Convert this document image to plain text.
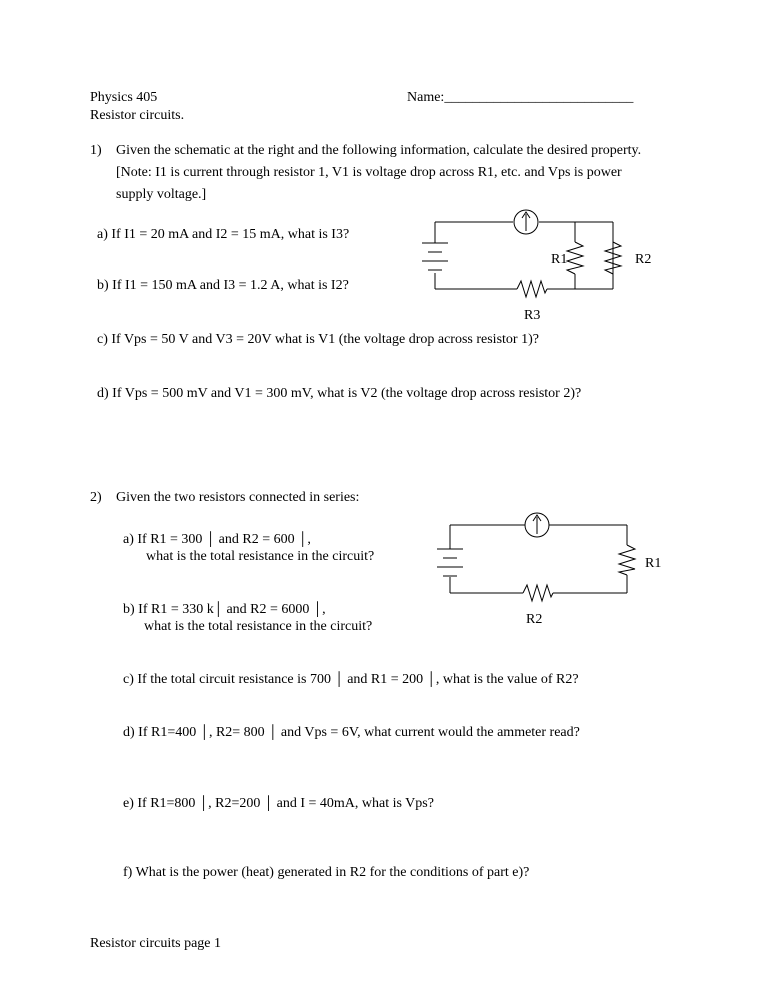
Physics 405
Resistor circuits.
Name:___________________________
1) Given the schematic at the right and the following information, calculate the desired property.
[Note: I1 is current through resistor 1, V1 is voltage drop across R1, etc. and Vps is power
supply voltage.]
a) If I1 = 20 mA and I2 = 15 mA, what is I3?
b) If I1 = 150 mA and I3 = 1.2 A, what is I2?
c) If Vps = 50 V and V3 = 20V what is V1 (the voltage drop across resistor 1)?
d) If Vps = 500 mV and V1 = 300 mV, what is V2 (the voltage drop across resistor 2)?
R1	R2
R3
2) Given the two resistors connected in series:
a) If R1 = 300 │ and R2 = 600 │,
what is the total resistance in the circuit?
b) If R1 = 330 k│ and R2 = 6000 │,
what is the total resistance in the circuit?
c) If the total circuit resistance is 700 │ and R1 = 200 │, what is the value of R2?
d) If R1=400 │, R2= 800 │ and Vps = 6V, what current would the ammeter read?
e) If R1=800 │, R2=200 │ and I = 40mA, what is Vps?
f) What is the power (heat) generated in R2 for the conditions of part e)?
R1
R2
Resistor circuits page 1
